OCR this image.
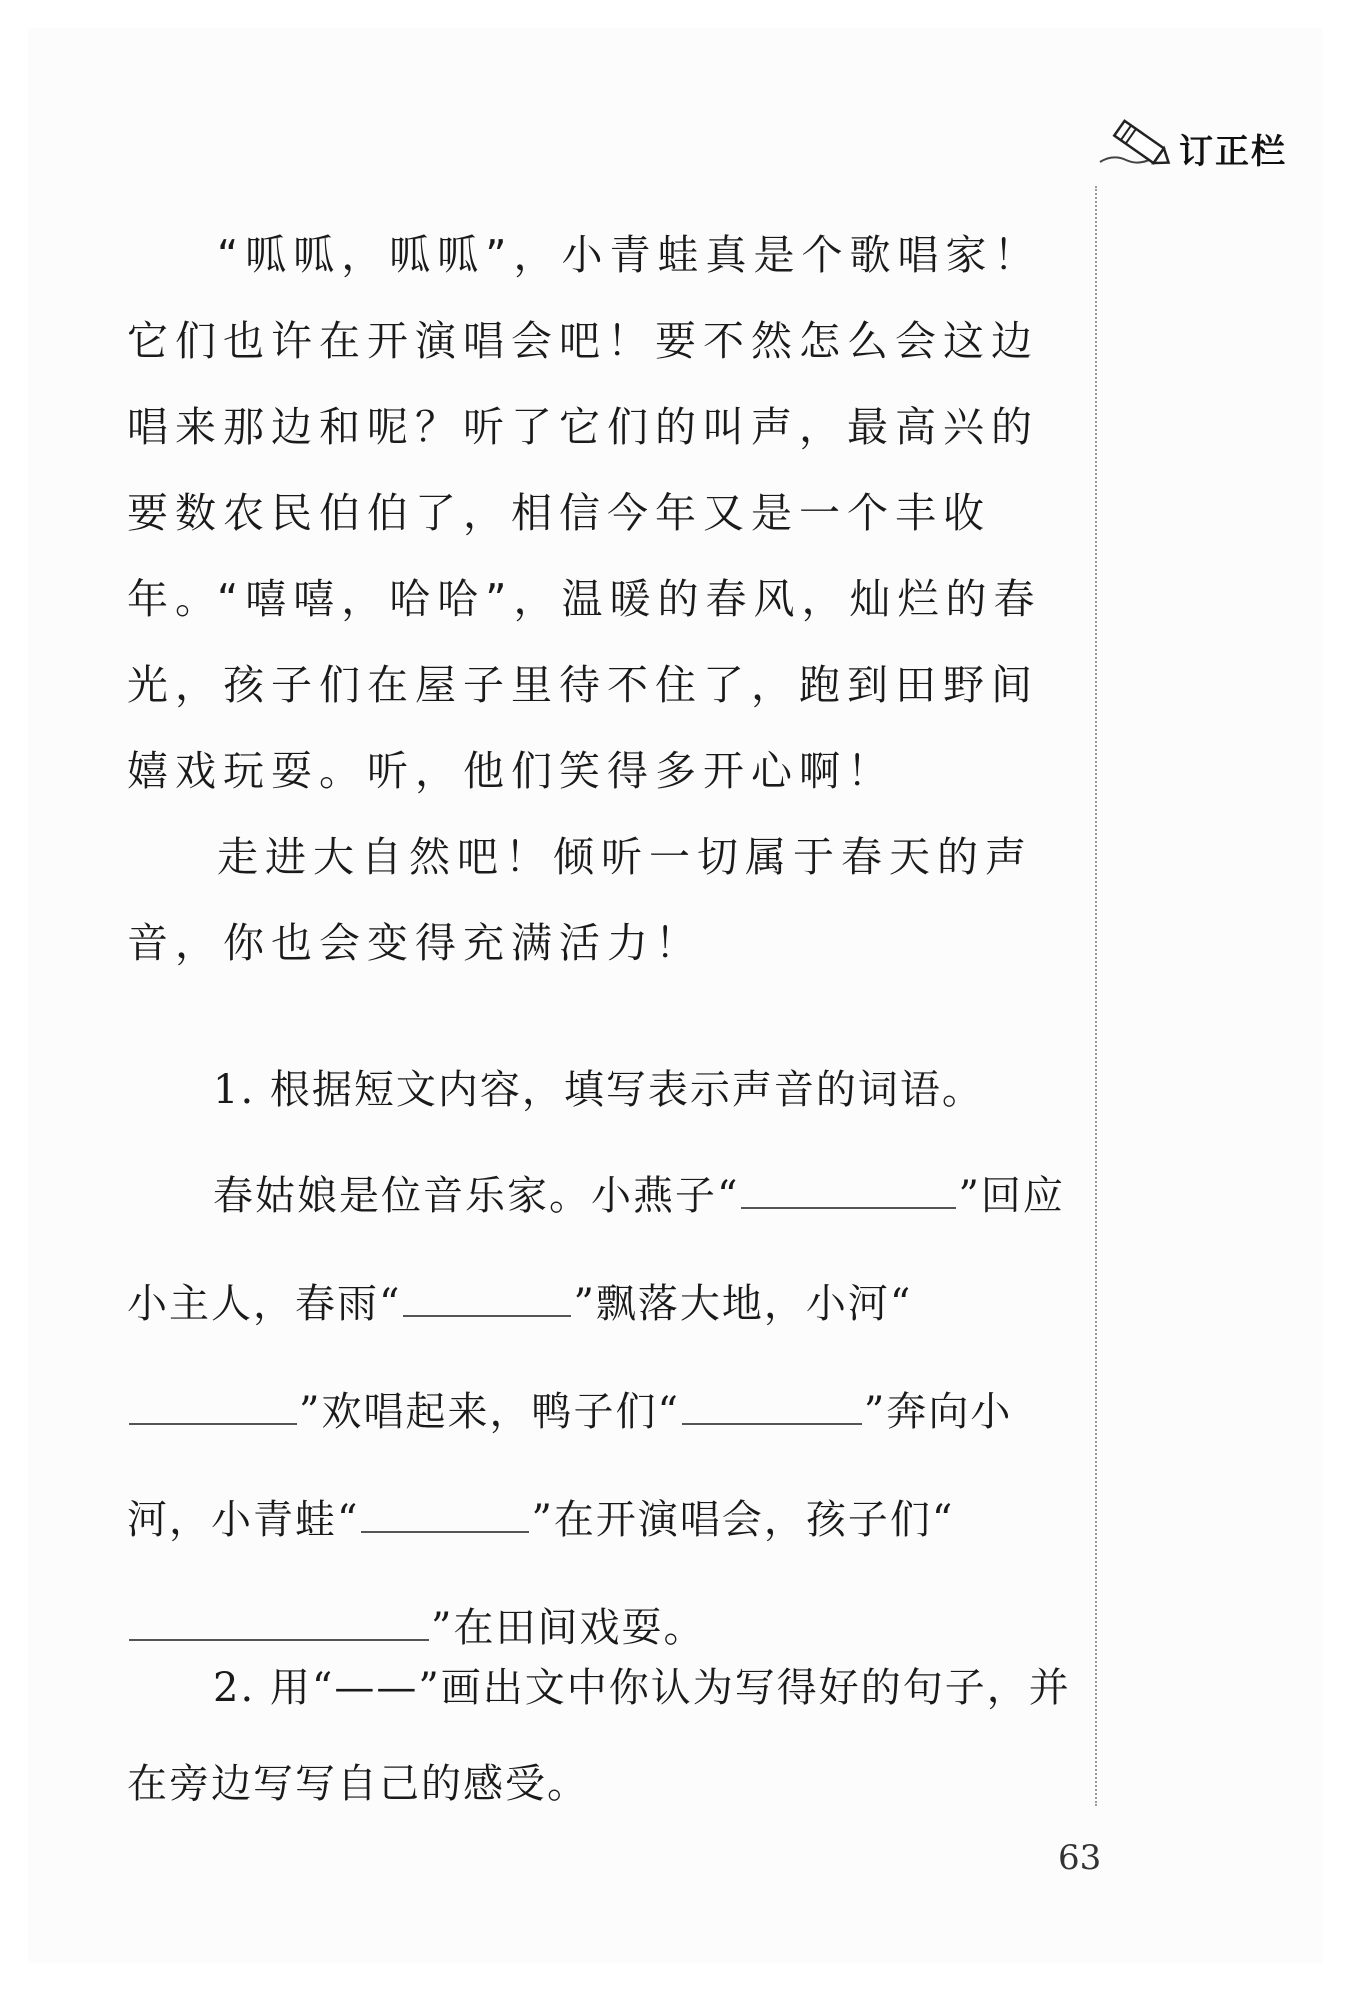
订正栏

“呱呱，呱呱”，小青蛙真是个歌唱家！它们也许在开演唱会吧！要不然怎么会这边唱来那边和呢？听了它们的叫声，最高兴的要数农民伯伯了，相信今年又是一个丰收年。

“嘻嘻，哈哈”，温暖的春风，灿烂的春光，孩子们在屋子里待不住了，跑到田野间嬉戏玩耍。听，他们笑得多开心啊！

走进大自然吧！倾听一切属于春天的声音，你也会变得充满活力！

1. 根据短文内容，填写表示声音的词语。

春姑娘是位音乐家。小燕子“	”回应小主人，春雨“	”飘落大地，小河“”欢唱起来，鸭子们“	”奔向小河，小青蛙“	”在开演唱会，孩子们“”在田间戏耍。

2. 用“——”画出文中你认为写得好的句子，并在旁边写写自己的感受。

63
